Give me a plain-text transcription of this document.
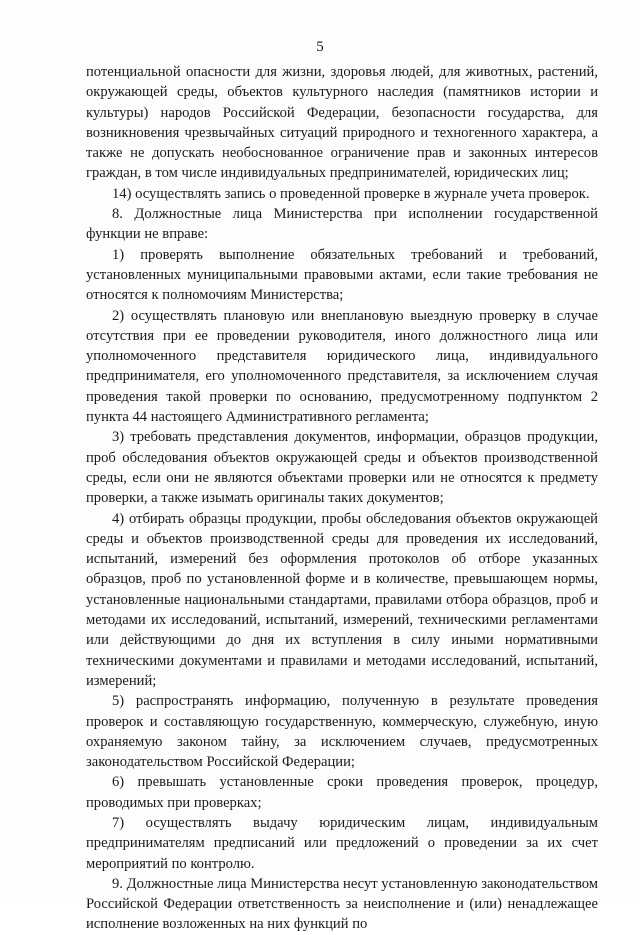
5

потенциальной опасности для жизни, здоровья людей, для животных, растений, окружающей среды, объектов культурного наследия (памятников истории и культуры) народов Российской Федерации, безопасности государства, для возникновения чрезвычайных ситуаций природного и техногенного характера, а также не допускать необоснованное ограничение прав и законных интересов граждан, в том числе индивидуальных предпринимателей, юридических лиц;

14) осуществлять запись о проведенной проверке в журнале учета проверок.

8. Должностные лица Министерства при исполнении государственной функции не вправе:

1) проверять выполнение обязательных требований и требований, установленных муниципальными правовыми актами, если такие требования не относятся к полномочиям Министерства;

2) осуществлять плановую или внеплановую выездную проверку в случае отсутствия при ее проведении руководителя, иного должностного лица или уполномоченного представителя юридического лица, индивидуального предпринимателя, его уполномоченного представителя, за исключением случая проведения такой проверки по основанию, предусмотренному подпунктом 2 пункта 44 настоящего Административного регламента;

3) требовать представления документов, информации, образцов продукции, проб обследования объектов окружающей среды и объектов производственной среды, если они не являются объектами проверки или не относятся к предмету проверки, а также изымать оригиналы таких документов;

4) отбирать образцы продукции, пробы обследования объектов окружающей среды и объектов производственной среды для проведения их исследований, испытаний, измерений без оформления протоколов об отборе указанных образцов, проб по установленной форме и в количестве, превышающем нормы, установленные национальными стандартами, правилами отбора образцов, проб и методами их исследований, испытаний, измерений, техническими регламентами или действующими до дня их вступления в силу иными нормативными техническими документами и правилами и методами исследований, испытаний, измерений;

5) распространять информацию, полученную в результате проведения проверок и составляющую государственную, коммерческую, служебную, иную охраняемую законом тайну, за исключением случаев, предусмотренных законодательством Российской Федерации;

6) превышать установленные сроки проведения проверок, процедур, проводимых при проверках;

7) осуществлять выдачу юридическим лицам, индивидуальным предпринимателям предписаний или предложений о проведении за их счет мероприятий по контролю.

9. Должностные лица Министерства несут установленную законодательством Российской Федерации ответственность за неисполнение и (или) ненадлежащее исполнение возложенных на них функций по
